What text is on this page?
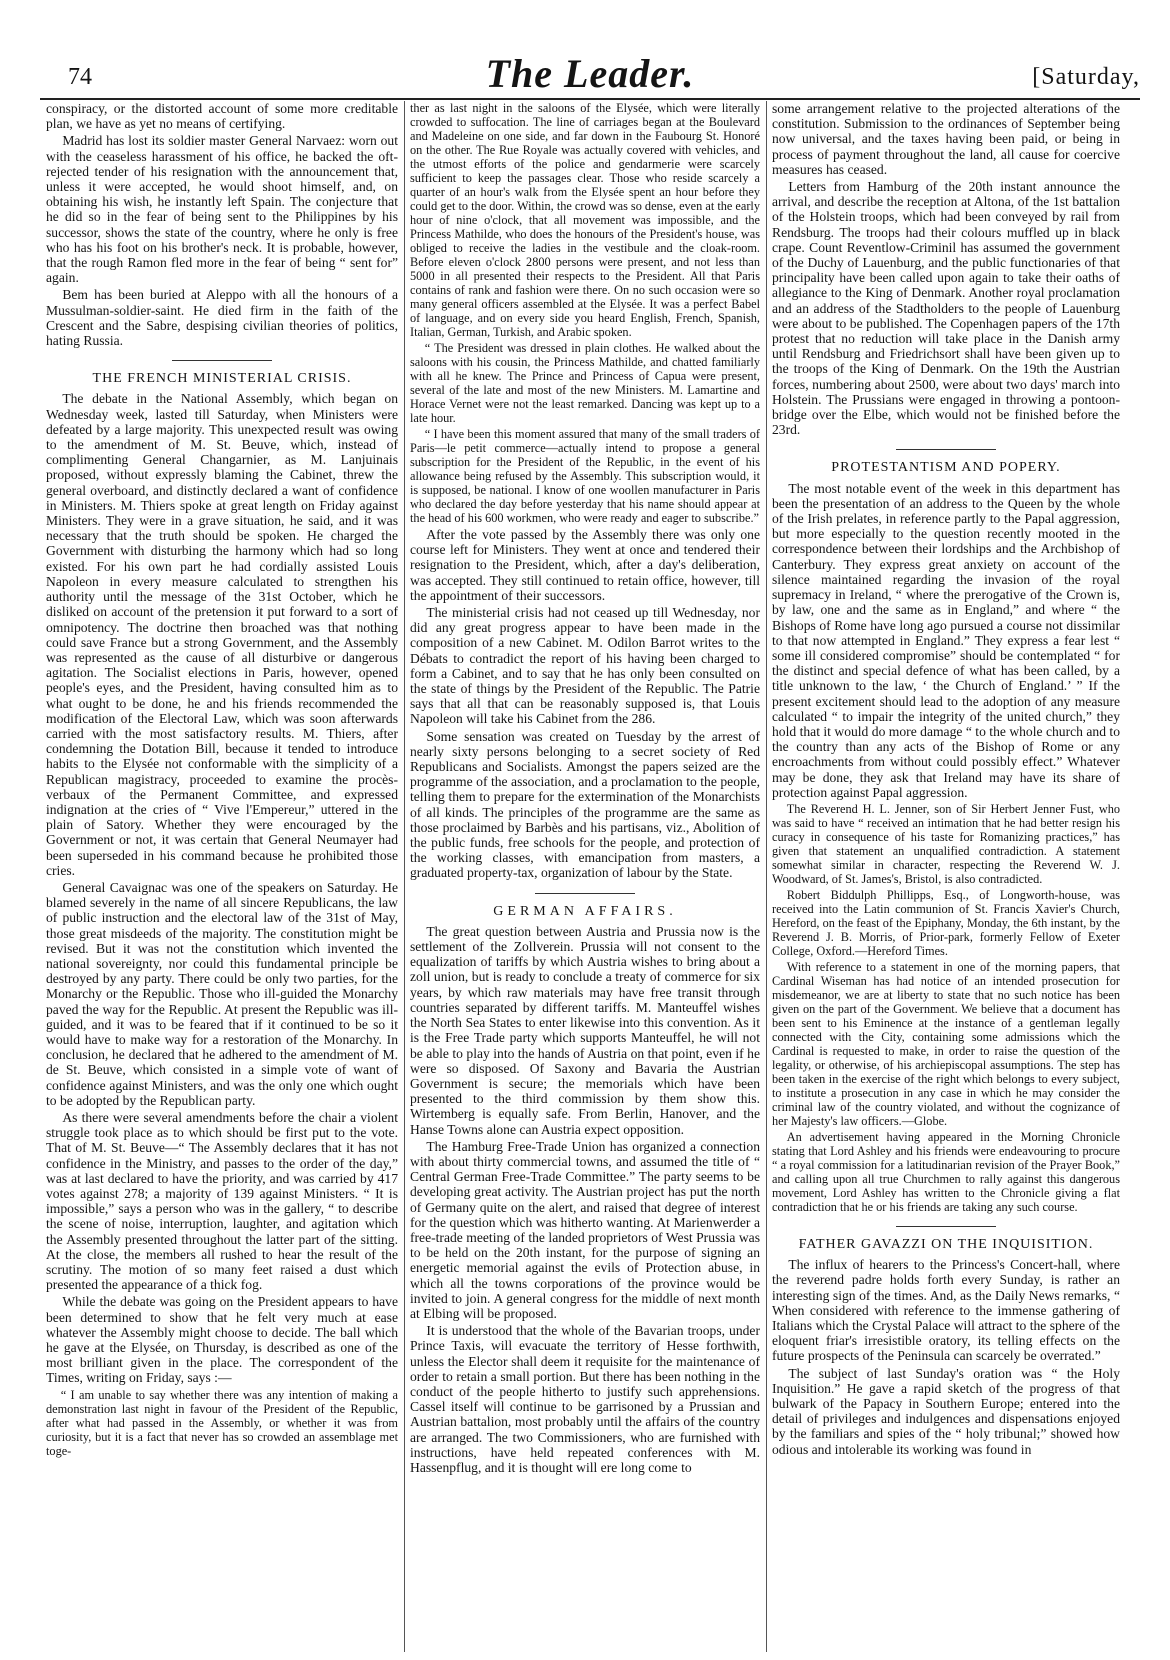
74	The Leader.	[Saturday,

conspiracy, or the distorted account of some more creditable plan, we have as yet no means of certifying.

Madrid has lost its soldier master General Narvaez: worn out with the ceaseless harassment of his office, he backed the oft-rejected tender of his resignation with the announcement that, unless it were accepted, he would shoot himself, and, on obtaining his wish, he instantly left Spain. The conjecture that he did so in the fear of being sent to the Philippines by his successor, shows the state of the country, where he only is free who has his foot on his brother's neck. It is probable, however, that the rough Ramon fled more in the fear of being “ sent for” again.

Bem has been buried at Aleppo with all the honours of a Mussulman-soldier-saint. He died firm in the faith of the Crescent and the Sabre, despising civilian theories of politics, hating Russia.

THE FRENCH MINISTERIAL CRISIS.

The debate in the National Assembly, which began on Wednesday week, lasted till Saturday, when Ministers were defeated by a large majority. This unexpected result was owing to the amendment of M. St. Beuve, which, instead of complimenting General Changarnier, as M. Lanjuinais proposed, without expressly blaming the Cabinet, threw the general overboard, and distinctly declared a want of confidence in Ministers. M. Thiers spoke at great length on Friday against Ministers. They were in a grave situation, he said, and it was necessary that the truth should be spoken. He charged the Government with disturbing the harmony which had so long existed. For his own part he had cordially assisted Louis Napoleon in every measure calculated to strengthen his authority until the message of the 31st October, which he disliked on account of the pretension it put forward to a sort of omnipotency. The doctrine then broached was that nothing could save France but a strong Government, and the Assembly was represented as the cause of all disturbive or dangerous agitation. The Socialist elections in Paris, however, opened people's eyes, and the President, having consulted him as to what ought to be done, he and his friends recommended the modification of the Electoral Law, which was soon afterwards carried with the most satisfactory results. M. Thiers, after condemning the Dotation Bill, because it tended to introduce habits to the Elysée not conformable with the simplicity of a Republican magistracy, proceeded to examine the procès-verbaux of the Permanent Committee, and expressed indignation at the cries of “ Vive l'Empereur,” uttered in the plain of Satory. Whether they were encouraged by the Government or not, it was certain that General Neumayer had been superseded in his command because he prohibited those cries.

General Cavaignac was one of the speakers on Saturday. He blamed severely in the name of all sincere Republicans, the law of public instruction and the electoral law of the 31st of May, those great misdeeds of the majority. The constitution might be revised. But it was not the constitution which invented the national sovereignty, nor could this fundamental principle be destroyed by any party. There could be only two parties, for the Monarchy or the Republic. Those who ill-guided the Monarchy paved the way for the Republic. At present the Republic was ill-guided, and it was to be feared that if it continued to be so it would have to make way for a restoration of the Monarchy. In conclusion, he declared that he adhered to the amendment of M. de St. Beuve, which consisted in a simple vote of want of confidence against Ministers, and was the only one which ought to be adopted by the Republican party.

As there were several amendments before the chair a violent struggle took place as to which should be first put to the vote. That of M. St. Beuve—“ The Assembly declares that it has not confidence in the Ministry, and passes to the order of the day,” was at last declared to have the priority, and was carried by 417 votes against 278; a majority of 139 against Ministers. “ It is impossible,” says a person who was in the gallery, “ to describe the scene of noise, interruption, laughter, and agitation which the Assembly presented throughout the latter part of the sitting. At the close, the members all rushed to hear the result of the scrutiny. The motion of so many feet raised a dust which presented the appearance of a thick fog.

While the debate was going on the President appears to have been determined to show that he felt very much at ease whatever the Assembly might choose to decide. The ball which he gave at the Elysée, on Thursday, is described as one of the most brilliant given in the place. The correspondent of the Times, writing on Friday, says :—

“ I am unable to say whether there was any intention of making a demonstration last night in favour of the President of the Republic, after what had passed in the Assembly, or whether it was from curiosity, but it is a fact that never has so crowded an assemblage met toge-

ther as last night in the saloons of the Elysée, which were literally crowded to suffocation. The line of carriages began at the Boulevard and Madeleine on one side, and far down in the Faubourg St. Honoré on the other. The Rue Royale was actually covered with vehicles, and the utmost efforts of the police and gendarmerie were scarcely sufficient to keep the passages clear. Those who reside scarcely a quarter of an hour's walk from the Elysée spent an hour before they could get to the door. Within, the crowd was so dense, even at the early hour of nine o'clock, that all movement was impossible, and the Princess Mathilde, who does the honours of the President's house, was obliged to receive the ladies in the vestibule and the cloak-room. Before eleven o'clock 2800 persons were present, and not less than 5000 in all presented their respects to the President. All that Paris contains of rank and fashion were there. On no such occasion were so many general officers assembled at the Elysée. It was a perfect Babel of language, and on every side you heard English, French, Spanish, Italian, German, Turkish, and Arabic spoken.

“ The President was dressed in plain clothes. He walked about the saloons with his cousin, the Princess Mathilde, and chatted familiarly with all he knew. The Prince and Princess of Capua were present, several of the late and most of the new Ministers. M. Lamartine and Horace Vernet were not the least remarked. Dancing was kept up to a late hour.

“ I have been this moment assured that many of the small traders of Paris—le petit commerce—actually intend to propose a general subscription for the President of the Republic, in the event of his allowance being refused by the Assembly. This subscription would, it is supposed, be national. I know of one woollen manufacturer in Paris who declared the day before yesterday that his name should appear at the head of his 600 workmen, who were ready and eager to subscribe.”

After the vote passed by the Assembly there was only one course left for Ministers. They went at once and tendered their resignation to the President, which, after a day's deliberation, was accepted. They still continued to retain office, however, till the appointment of their successors.

The ministerial crisis had not ceased up till Wednesday, nor did any great progress appear to have been made in the composition of a new Cabinet. M. Odilon Barrot writes to the Débats to contradict the report of his having been charged to form a Cabinet, and to say that he has only been consulted on the state of things by the President of the Republic. The Patrie says that all that can be reasonably supposed is, that Louis Napoleon will take his Cabinet from the 286.

Some sensation was created on Tuesday by the arrest of nearly sixty persons belonging to a secret society of Red Republicans and Socialists. Amongst the papers seized are the programme of the association, and a proclamation to the people, telling them to prepare for the extermination of the Monarchists of all kinds. The principles of the programme are the same as those proclaimed by Barbès and his partisans, viz., Abolition of the public funds, free schools for the people, and protection of the working classes, with emancipation from masters, a graduated property-tax, organization of labour by the State.

GERMAN AFFAIRS.

The great question between Austria and Prussia now is the settlement of the Zollverein. Prussia will not consent to the equalization of tariffs by which Austria wishes to bring about a zoll union, but is ready to conclude a treaty of commerce for six years, by which raw materials may have free transit through countries separated by different tariffs. M. Manteuffel wishes the North Sea States to enter likewise into this convention. As it is the Free Trade party which supports Manteuffel, he will not be able to play into the hands of Austria on that point, even if he were so disposed. Of Saxony and Bavaria the Austrian Government is secure; the memorials which have been presented to the third commission by them show this. Wirtemberg is equally safe. From Berlin, Hanover, and the Hanse Towns alone can Austria expect opposition.

The Hamburg Free-Trade Union has organized a connection with about thirty commercial towns, and assumed the title of “ Central German Free-Trade Committee.” The party seems to be developing great activity. The Austrian project has put the north of Germany quite on the alert, and raised that degree of interest for the question which was hitherto wanting. At Marienwerder a free-trade meeting of the landed proprietors of West Prussia was to be held on the 20th instant, for the purpose of signing an energetic memorial against the evils of Protection abuse, in which all the towns corporations of the province would be invited to join. A general congress for the middle of next month at Elbing will be proposed.

It is understood that the whole of the Bavarian troops, under Prince Taxis, will evacuate the territory of Hesse forthwith, unless the Elector shall deem it requisite for the maintenance of order to retain a small portion. But there has been nothing in the conduct of the people hitherto to justify such apprehensions. Cassel itself will continue to be garrisoned by a Prussian and Austrian battalion, most probably until the affairs of the country are arranged. The two Commissioners, who are furnished with instructions, have held repeated conferences with M. Hassenpflug, and it is thought will ere long come to

some arrangement relative to the projected alterations of the constitution. Submission to the ordinances of September being now universal, and the taxes having been paid, or being in process of payment throughout the land, all cause for coercive measures has ceased.

Letters from Hamburg of the 20th instant announce the arrival, and describe the reception at Altona, of the 1st battalion of the Holstein troops, which had been conveyed by rail from Rendsburg. The troops had their colours muffled up in black crape. Count Reventlow-Criminil has assumed the government of the Duchy of Lauenburg, and the public functionaries of that principality have been called upon again to take their oaths of allegiance to the King of Denmark. Another royal proclamation and an address of the Stadtholders to the people of Lauenburg were about to be published. The Copenhagen papers of the 17th protest that no reduction will take place in the Danish army until Rendsburg and Friedrichsort shall have been given up to the troops of the King of Denmark. On the 19th the Austrian forces, numbering about 2500, were about two days' march into Holstein. The Prussians were engaged in throwing a pontoon-bridge over the Elbe, which would not be finished before the 23rd.

PROTESTANTISM AND POPERY.

The most notable event of the week in this department has been the presentation of an address to the Queen by the whole of the Irish prelates, in reference partly to the Papal aggression, but more especially to the question recently mooted in the correspondence between their lordships and the Archbishop of Canterbury. They express great anxiety on account of the silence maintained regarding the invasion of the royal supremacy in Ireland, “ where the prerogative of the Crown is, by law, one and the same as in England,” and where “ the Bishops of Rome have long ago pursued a course not dissimilar to that now attempted in England.” They express a fear lest “ some ill considered compromise” should be contemplated “ for the distinct and special defence of what has been called, by a title unknown to the law, ‘ the Church of England.’ ” If the present excitement should lead to the adoption of any measure calculated “ to impair the integrity of the united church,” they hold that it would do more damage “ to the whole church and to the country than any acts of the Bishop of Rome or any encroachments from without could possibly effect.” Whatever may be done, they ask that Ireland may have its share of protection against Papal aggression.

The Reverend H. L. Jenner, son of Sir Herbert Jenner Fust, who was said to have “ received an intimation that he had better resign his curacy in consequence of his taste for Romanizing practices,” has given that statement an unqualified contradiction. A statement somewhat similar in character, respecting the Reverend W. J. Woodward, of St. James's, Bristol, is also contradicted.

Robert Biddulph Phillipps, Esq., of Longworth-house, was received into the Latin communion of St. Francis Xavier's Church, Hereford, on the feast of the Epiphany, Monday, the 6th instant, by the Reverend J. B. Morris, of Prior-park, formerly Fellow of Exeter College, Oxford.—Hereford Times.

With reference to a statement in one of the morning papers, that Cardinal Wiseman has had notice of an intended prosecution for misdemeanor, we are at liberty to state that no such notice has been given on the part of the Government. We believe that a document has been sent to his Eminence at the instance of a gentleman legally connected with the City, containing some admissions which the Cardinal is requested to make, in order to raise the question of the legality, or otherwise, of his archiepiscopal assumptions. The step has been taken in the exercise of the right which belongs to every subject, to institute a prosecution in any case in which he may consider the criminal law of the country violated, and without the cognizance of her Majesty's law officers.—Globe.

An advertisement having appeared in the Morning Chronicle stating that Lord Ashley and his friends were endeavouring to procure “ a royal commission for a latitudinarian revision of the Prayer Book,” and calling upon all true Churchmen to rally against this dangerous movement, Lord Ashley has written to the Chronicle giving a flat contradiction that he or his friends are taking any such course.

FATHER GAVAZZI ON THE INQUISITION.

The influx of hearers to the Princess's Concert-hall, where the reverend padre holds forth every Sunday, is rather an interesting sign of the times. And, as the Daily News remarks, “ When considered with reference to the immense gathering of Italians which the Crystal Palace will attract to the sphere of the eloquent friar's irresistible oratory, its telling effects on the future prospects of the Peninsula can scarcely be overrated.”

The subject of last Sunday's oration was “ the Holy Inquisition.” He gave a rapid sketch of the progress of that bulwark of the Papacy in Southern Europe; entered into the detail of privileges and indulgences and dispensations enjoyed by the familiars and spies of the “ holy tribunal;” showed how odious and intolerable its working was found in
